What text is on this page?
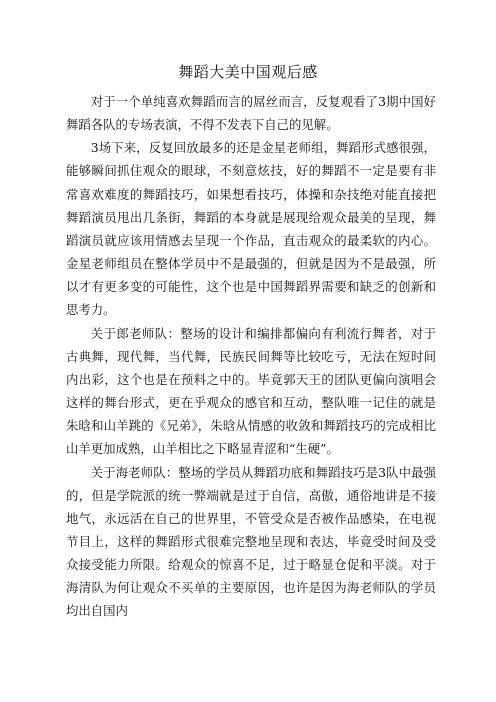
舞蹈大美中国观后感

对于一个单纯喜欢舞蹈而言的屌丝而言，反复观看了3期中国好舞蹈各队的专场表演，不得不发表下自己的见解。

3场下来，反复回放最多的还是金星老师组，舞蹈形式感很强，能够瞬间抓住观众的眼球，不刻意炫技，好的舞蹈不一定是要有非常喜欢难度的舞蹈技巧，如果想看技巧，体操和杂技绝对能直接把舞蹈演员甩出几条街，舞蹈的本身就是展现给观众最美的呈现，舞蹈演员就应该用情感去呈现一个作品，直击观众的最柔软的内心。金星老师组员在整体学员中不是最强的，但就是因为不是最强，所以才有更多变的可能性，这个也是中国舞蹈界需要和缺乏的创新和思考力。

关于郎老师队：整场的设计和编排都偏向有利流行舞者，对于古典舞，现代舞，当代舞，民族民间舞等比较吃亏，无法在短时间内出彩，这个也是在预料之中的。毕竟郭天王的团队更偏向演唱会这样的舞台形式，更在乎观众的感官和互动，整队唯一记住的就是朱晗和山羊跳的《兄弟》，朱晗从情感的收敛和舞蹈技巧的完成相比山羊更加成熟，山羊相比之下略显青涩和“生硬”。

关于海老师队：整场的学员从舞蹈功底和舞蹈技巧是3队中最强的，但是学院派的统一弊端就是过于自信，高傲，通俗地讲是不接地气，永远活在自己的世界里，不管受众是否被作品感染，在电视节目上，这样的舞蹈形式很难完整地呈现和表达，毕竟受时间及受众接受能力所限。给观众的惊喜不足，过于略显仓促和平淡。对于海清队为何让观众不买单的主要原因，也许是因为海老师队的学员均出自国内
